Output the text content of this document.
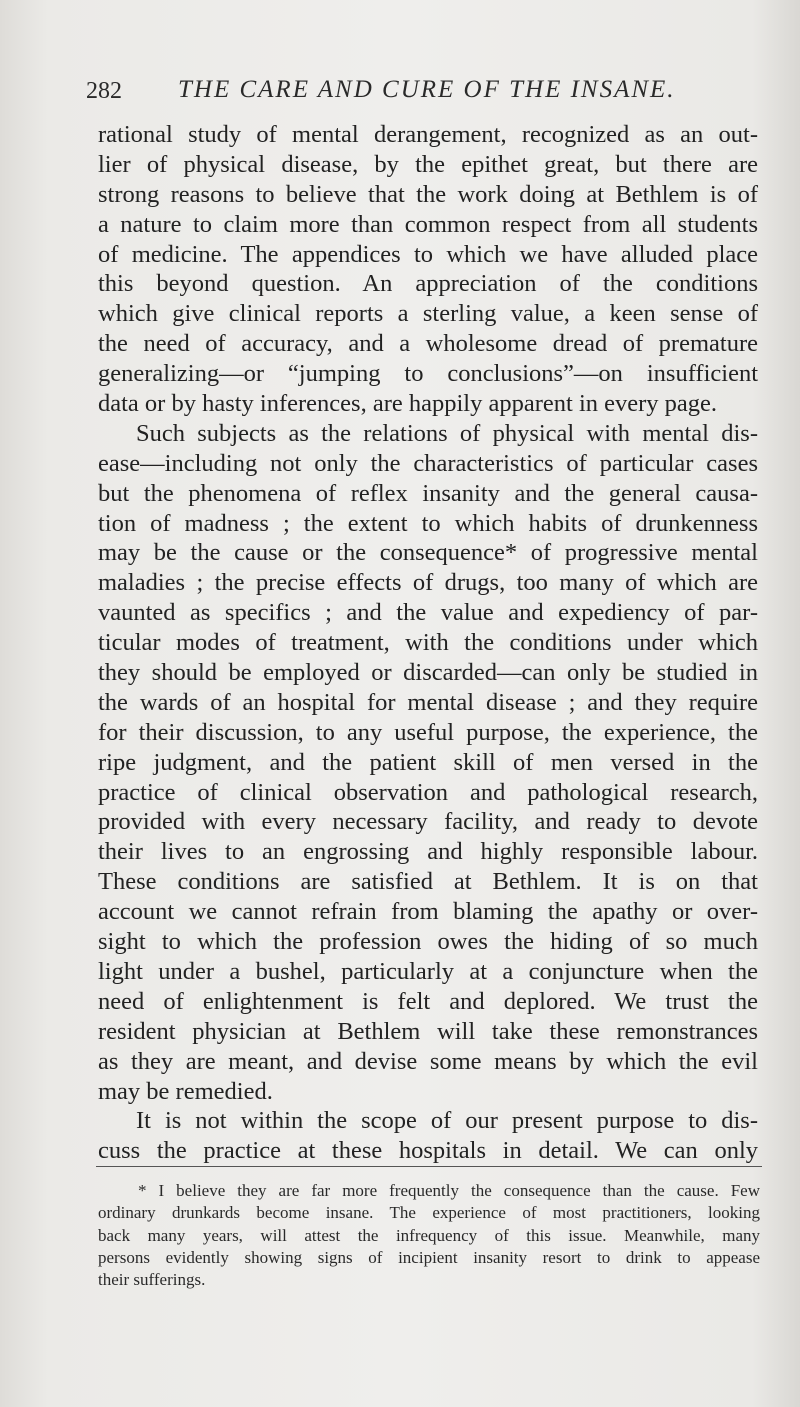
282 THE CARE AND CURE OF THE INSANE.
rational study of mental derangement, recognized as an out-
lier of physical disease, by the epithet great, but there are
strong reasons to believe that the work doing at Bethlem is of
a nature to claim more than common respect from all students
of medicine. The appendices to which we have alluded place
this beyond question. An appreciation of the conditions
which give clinical reports a sterling value, a keen sense of
the need of accuracy, and a wholesome dread of premature
generalizing—or “jumping to conclusions”—on insufficient
data or by hasty inferences, are happily apparent in every page.
Such subjects as the relations of physical with mental dis-
ease—including not only the characteristics of particular cases
but the phenomena of reflex insanity and the general causa-
tion of madness ; the extent to which habits of drunkenness
may be the cause or the consequence* of progressive mental
maladies ; the precise effects of drugs, too many of which are
vaunted as specifics ; and the value and expediency of par-
ticular modes of treatment, with the conditions under which
they should be employed or discarded—can only be studied in
the wards of an hospital for mental disease ; and they require
for their discussion, to any useful purpose, the experience, the
ripe judgment, and the patient skill of men versed in the
practice of clinical observation and pathological research,
provided with every necessary facility, and ready to devote
their lives to an engrossing and highly responsible labour.
These conditions are satisfied at Bethlem. It is on that
account we cannot refrain from blaming the apathy or over-
sight to which the profession owes the hiding of so much
light under a bushel, particularly at a conjuncture when the
need of enlightenment is felt and deplored. We trust the
resident physician at Bethlem will take these remonstrances
as they are meant, and devise some means by which the evil
may be remedied.
It is not within the scope of our present purpose to dis-
cuss the practice at these hospitals in detail. We can only
* I believe they are far more frequently the consequence than the cause. Few
ordinary drunkards become insane. The experience of most practitioners, looking
back many years, will attest the infrequency of this issue. Meanwhile, many
persons evidently showing signs of incipient insanity resort to drink to appease
their sufferings.
